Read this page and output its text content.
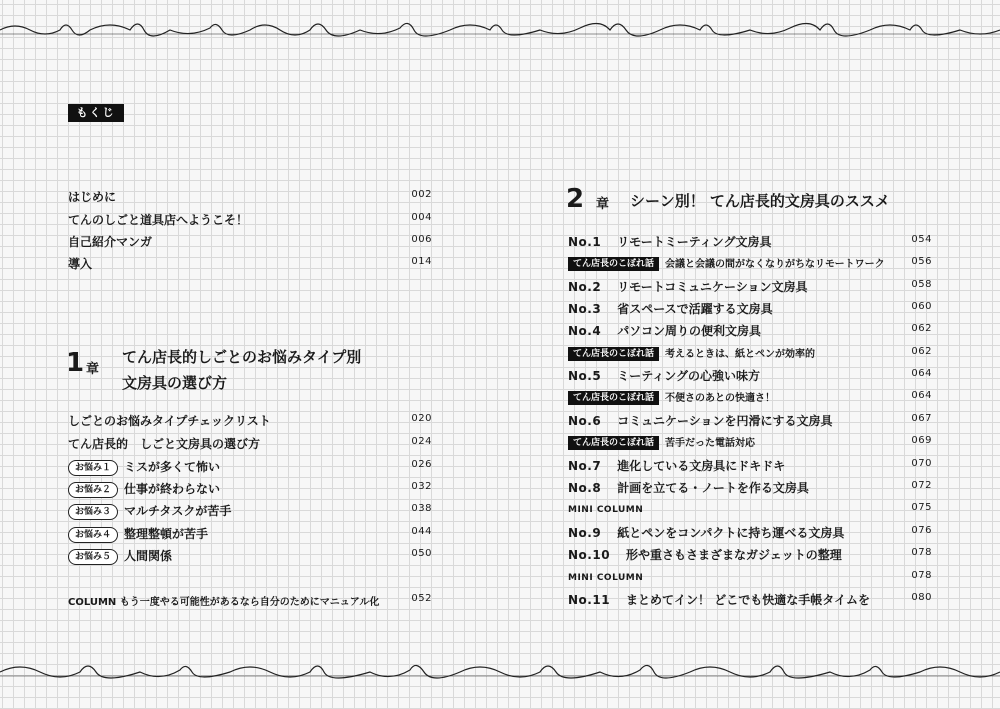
もくじ
はじめに	002
てんのしごと道具店へようこそ！	004
自己紹介マンガ	006
導入	014
1 章
てん店長的しごとのお悩みタイプ別
文房具の選び方
しごとのお悩みタイプチェックリスト	020
てん店長的　しごと文房具の選び方	024
お悩み１ ミスが多くて怖い	026
お悩み２ 仕事が終わらない	032
お悩み３ マルチタスクが苦手	038
お悩み４ 整理整頓が苦手	044
お悩み５ 人間関係	050
COLUMN もう一度やる可能性があるなら自分のためにマニュアル化	052
2 章 シーン別！ てん店長的文房具のススメ
No.1 リモートミーティング文房具	054
てん店長のこぼれ話 会議と会議の間がなくなりがちなリモートワーク	056
No.2 リモートコミュニケーション文房具	058
No.3 省スペースで活躍する文房具	060
No.4 パソコン周りの便利文房具	062
てん店長のこぼれ話 考えるときは、紙とペンが効率的	062
No.5 ミーティングの心強い味方	064
てん店長のこぼれ話 不便さのあとの快適さ！	064
No.6 コミュニケーションを円滑にする文房具	067
てん店長のこぼれ話 苦手だった電話対応	069
No.7 進化している文房具にドキドキ	070
No.8 計画を立てる・ノートを作る文房具	072
MINI COLUMN	075
No.9 紙とペンをコンパクトに持ち運べる文房具	076
No.10 形や重さもさまざまなガジェットの整理	078
MINI COLUMN	078
No.11 まとめてイン！ どこでも快適な手帳タイムを	080
